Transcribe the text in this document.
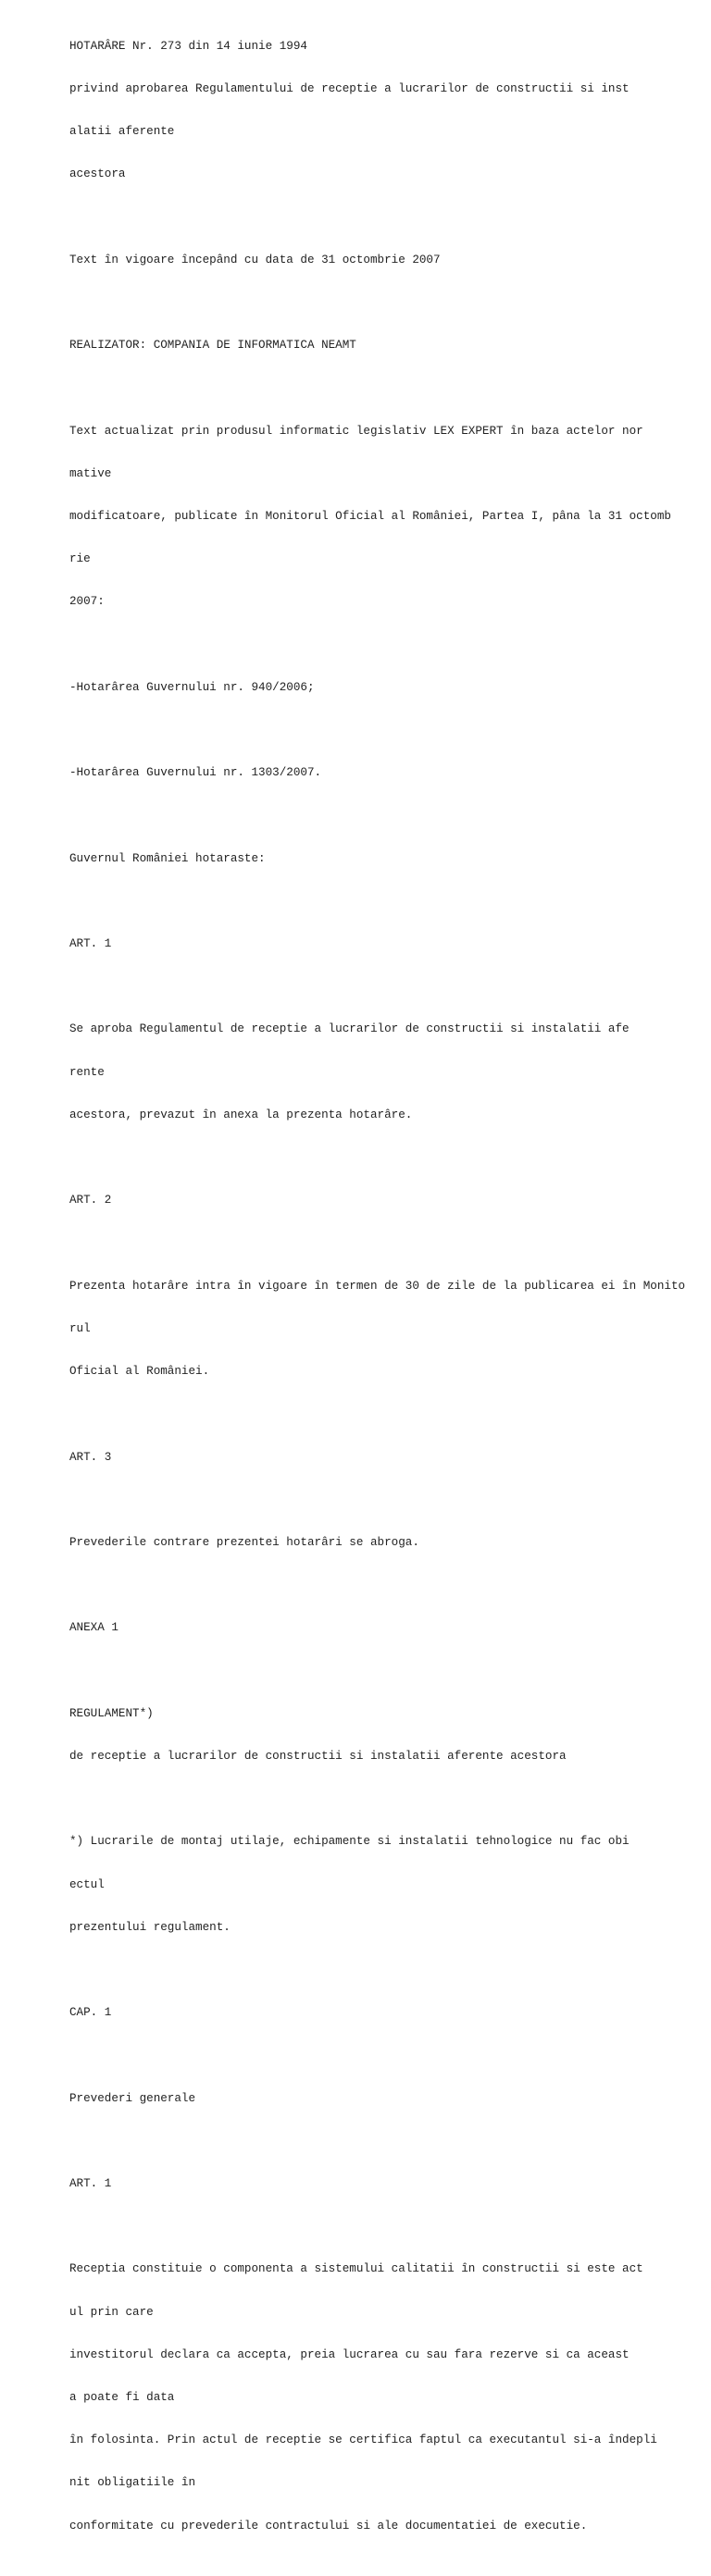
HOTARÂRE Nr. 273 din 14 iunie 1994

privind aprobarea Regulamentului de receptie a lucrarilor de constructii si inst

alatii aferente

acestora

Text în vigoare începând cu data de 31 octombrie 2007

REALIZATOR: COMPANIA DE INFORMATICA NEAMT

Text actualizat prin produsul informatic legislativ LEX EXPERT în baza actelor nor

mative

modificatoare, publicate în Monitorul Oficial al României, Partea I, pâna la 31 octomb

rie

2007:

-Hotarârea Guvernului nr. 940/2006;

-Hotarârea Guvernului nr. 1303/2007.

Guvernul României hotaraste:

ART. 1

Se aproba Regulamentul de receptie a lucrarilor de constructii si instalatii afe

rente

acestora, prevazut în anexa la prezenta hotarâre.

ART. 2

Prezenta hotarâre intra în vigoare în termen de 30 de zile de la publicarea ei în Monito

rul

Oficial al României.

ART. 3

Prevederile contrare prezentei hotarâri se abroga.

ANEXA 1

REGULAMENT*)

de receptie a lucrarilor de constructii si instalatii aferente acestora

*) Lucrarile de montaj utilaje, echipamente si instalatii tehnologice nu fac obi

ectul

prezentului regulament.

CAP. 1

Prevederi generale

ART. 1

Receptia constituie o componenta a sistemului calitatii în constructii si este act

ul prin care

investitorul declara ca accepta, preia lucrarea cu sau fara rezerve si ca aceast

a poate fi data

în folosinta. Prin actul de receptie se certifica faptul ca executantul si-a îndepli

nit obligatiile în

conformitate cu prevederile contractului si ale documentatiei de executie.
